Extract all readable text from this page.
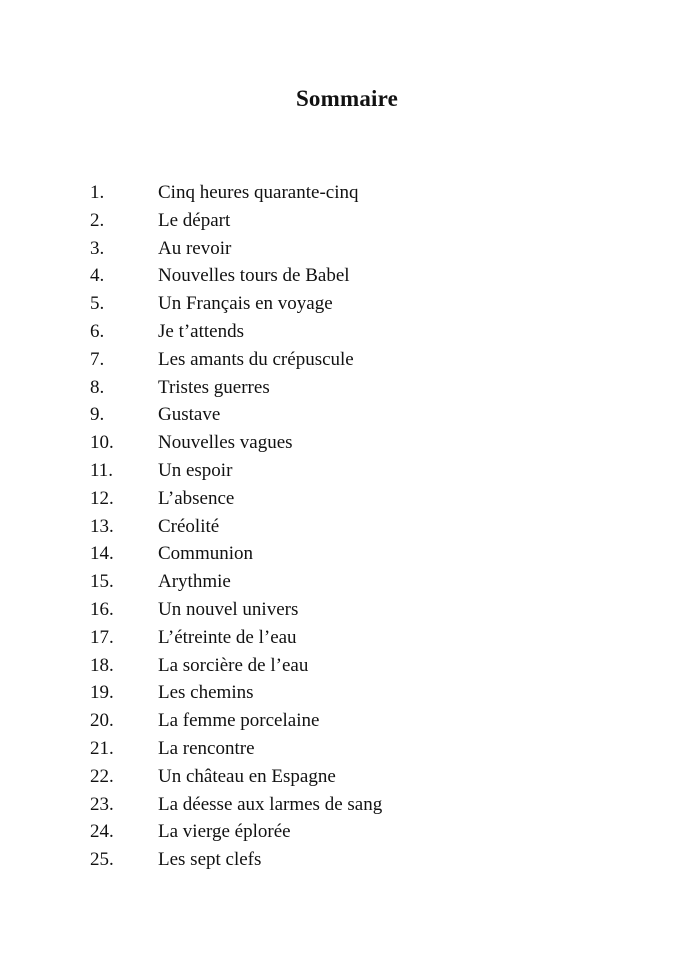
Sommaire
1.	Cinq heures quarante-cinq
2.	Le départ
3.	Au revoir
4.	Nouvelles tours de Babel
5.	Un Français en voyage
6.	Je t’attends
7.	Les amants du crépuscule
8.	Tristes guerres
9.	Gustave
10. Nouvelles vagues
11. Un espoir
12. L’absence
13. Créolité
14. Communion
15. Arythmie
16. Un nouvel univers
17. L’étreinte de l’eau
18. La sorcière de l’eau
19. Les chemins
20. La femme porcelaine
21. La rencontre
22. Un château en Espagne
23. La déesse aux larmes de sang
24. La vierge éplorée
25. Les sept clefs
